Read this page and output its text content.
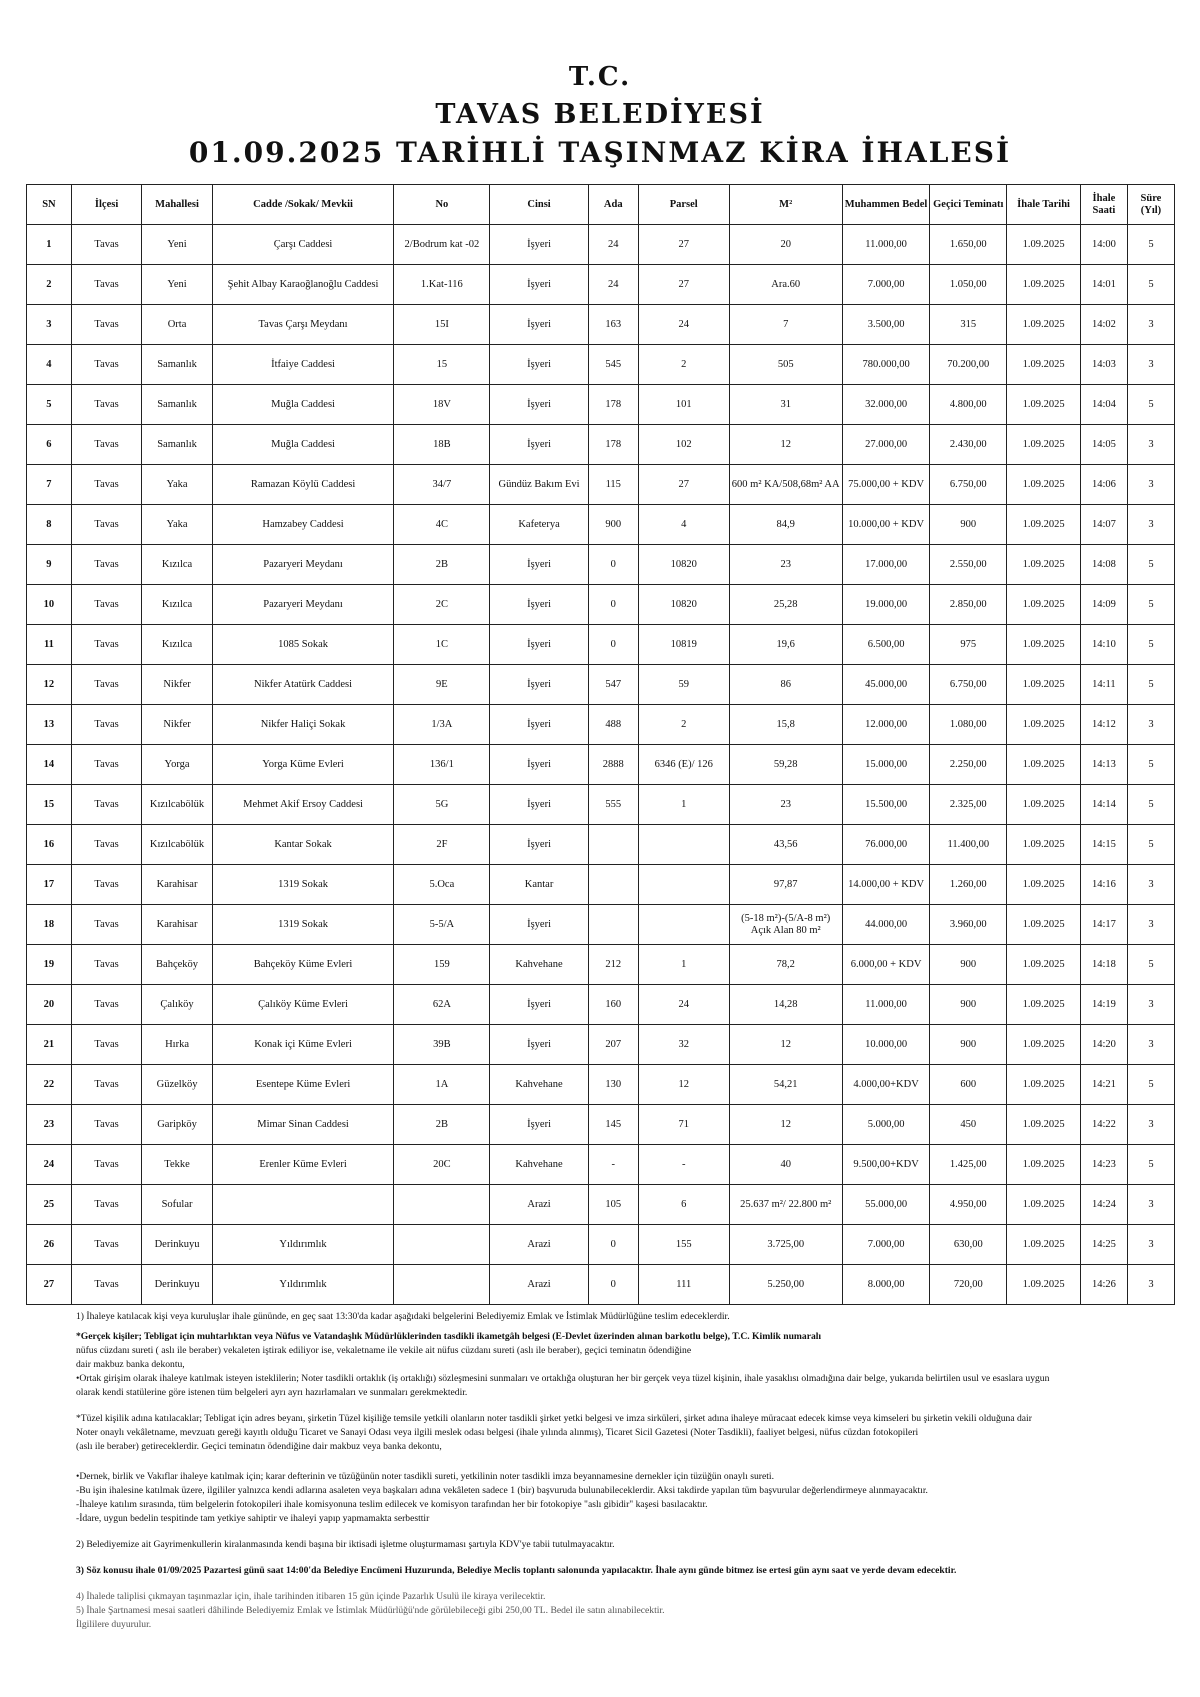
T.C.
TAVAS BELEDİYESİ
01.09.2025 TARİHLİ TAŞINMAZ KİRA İHALESİ
SN	İlçesi	Mahallesi	Cadde /Sokak/ Mevkii	No	Cinsi	Ada	Parsel	M²	Muhammen Bedel	Geçici Teminatı	İhale Tarihi	İhale Saati	Süre (Yıl)
1	Tavas	Yeni	Çarşı Caddesi	2/Bodrum kat -02	İşyeri	24	27	20	11.000,00	1.650,00	1.09.2025	14:00	5
2	Tavas	Yeni	Şehit Albay Karaoğlanoğlu Caddesi	1.Kat-116	İşyeri	24	27	Ara.60	7.000,00	1.050,00	1.09.2025	14:01	5
3	Tavas	Orta	Tavas Çarşı Meydanı	15I	İşyeri	163	24	7	3.500,00	315	1.09.2025	14:02	3
4	Tavas	Samanlık	İtfaiye Caddesi	15	İşyeri	545	2	505	780.000,00	70.200,00	1.09.2025	14:03	3
5	Tavas	Samanlık	Muğla Caddesi	18V	İşyeri	178	101	31	32.000,00	4.800,00	1.09.2025	14:04	5
6	Tavas	Samanlık	Muğla Caddesi	18B	İşyeri	178	102	12	27.000,00	2.430,00	1.09.2025	14:05	3
7	Tavas	Yaka	Ramazan Köylü Caddesi	34/7	Gündüz Bakım Evi	115	27	600 m² KA/508,68m² AA	75.000,00 + KDV	6.750,00	1.09.2025	14:06	3
8	Tavas	Yaka	Hamzabey Caddesi	4C	Kafeterya	900	4	84,9	10.000,00 + KDV	900	1.09.2025	14:07	3
9	Tavas	Kızılca	Pazaryeri Meydanı	2B	İşyeri	0	10820	23	17.000,00	2.550,00	1.09.2025	14:08	5
10	Tavas	Kızılca	Pazaryeri Meydanı	2C	İşyeri	0	10820	25,28	19.000,00	2.850,00	1.09.2025	14:09	5
11	Tavas	Kızılca	1085 Sokak	1C	İşyeri	0	10819	19,6	6.500,00	975	1.09.2025	14:10	5
12	Tavas	Nikfer	Nikfer Atatürk Caddesi	9E	İşyeri	547	59	86	45.000,00	6.750,00	1.09.2025	14:11	5
13	Tavas	Nikfer	Nikfer Haliçi Sokak	1/3A	İşyeri	488	2	15,8	12.000,00	1.080,00	1.09.2025	14:12	3
14	Tavas	Yorga	Yorga Küme Evleri	136/1	İşyeri	2888	6346 (E)/ 126	59,28	15.000,00	2.250,00	1.09.2025	14:13	5
15	Tavas	Kızılcabölük	Mehmet Akif Ersoy Caddesi	5G	İşyeri	555	1	23	15.500,00	2.325,00	1.09.2025	14:14	5
16	Tavas	Kızılcabölük	Kantar Sokak	2F	İşyeri			43,56	76.000,00	11.400,00	1.09.2025	14:15	5
17	Tavas	Karahisar	1319 Sokak	5.Oca	Kantar			97,87	14.000,00 + KDV	1.260,00	1.09.2025	14:16	3
18	Tavas	Karahisar	1319 Sokak	5-5/A	İşyeri			(5-18 m²)-(5/A-8 m²) Açık Alan 80 m²	44.000,00	3.960,00	1.09.2025	14:17	3
19	Tavas	Bahçeköy	Bahçeköy Küme Evleri	159	Kahvehane	212	1	78,2	6.000,00 + KDV	900	1.09.2025	14:18	5
20	Tavas	Çalıköy	Çalıköy Küme Evleri	62A	İşyeri	160	24	14,28	11.000,00	900	1.09.2025	14:19	3
21	Tavas	Hırka	Konak içi Küme Evleri	39B	İşyeri	207	32	12	10.000,00	900	1.09.2025	14:20	3
22	Tavas	Güzelköy	Esentepe Küme Evleri	1A	Kahvehane	130	12	54,21	4.000,00+KDV	600	1.09.2025	14:21	5
23	Tavas	Garipköy	Mimar Sinan Caddesi	2B	İşyeri	145	71	12	5.000,00	450	1.09.2025	14:22	3
24	Tavas	Tekke	Erenler Küme Evleri	20C	Kahvehane	-	-	40	9.500,00+KDV	1.425,00	1.09.2025	14:23	5
25	Tavas	Sofular			Arazi	105	6	25.637 m²/ 22.800 m²	55.000,00	4.950,00	1.09.2025	14:24	3
26	Tavas	Derinkuyu	Yıldırımlık		Arazi	0	155	3.725,00	7.000,00	630,00	1.09.2025	14:25	3
27	Tavas	Derinkuyu	Yıldırımlık		Arazi	0	111	5.250,00	8.000,00	720,00	1.09.2025	14:26	3

1) İhaleye katılacak kişi veya kuruluşlar ihale gününde, en geç saat 13:30'da kadar aşağıdaki belgelerini Belediyemiz Emlak ve İstimlak Müdürlüğüne teslim edeceklerdir.

*Gerçek kişiler; Tebligat için muhtarlıktan veya Nüfus ve Vatandaşlık Müdürlüklerinden tasdikli ikametgâh belgesi (E-Devlet üzerinden alınan barkotlu belge), T.C. Kimlik numaralı

nüfus cüzdanı sureti ( aslı ile beraber) vekaleten iştirak ediliyor ise, vekaletname ile vekile ait nüfus cüzdanı sureti (aslı ile beraber), geçici teminatın ödendiğine

dair makbuz banka dekontu,

•Ortak girişim olarak ihaleye katılmak isteyen isteklilerin; Noter tasdikli ortaklık (iş ortaklığı) sözleşmesini sunmaları ve ortaklığa oluşturan her bir gerçek veya tüzel kişinin, ihale yasaklısı olmadığına dair belge, yukarıda belirtilen usul ve esaslara uygun

olarak kendi statülerine göre istenen tüm belgeleri ayrı ayrı hazırlamaları ve sunmaları gerekmektedir.

*Tüzel kişilik adına katılacaklar; Tebligat için adres beyanı, şirketin Tüzel kişiliğe temsile yetkili olanların noter tasdikli şirket yetki belgesi ve imza sirküleri, şirket adına ihaleye müracaat edecek kimse veya kimseleri bu şirketin vekili olduğuna dair

Noter onaylı vekâletname, mevzuatı gereği kayıtlı olduğu Ticaret ve Sanayi Odası veya ilgili meslek odası belgesi (ihale yılında alınmış), Ticaret Sicil Gazetesi (Noter Tasdikli), faaliyet belgesi, nüfus cüzdan fotokopileri

(aslı ile beraber) getireceklerdir. Geçici teminatın ödendiğine dair makbuz veya banka dekontu,

•Dernek, birlik ve Vakıflar ihaleye katılmak için; karar defterinin ve tüzüğünün noter tasdikli sureti, yetkilinin noter tasdikli imza beyannamesine dernekler için tüzüğün onaylı sureti.

-Bu işin ihalesine katılmak üzere, ilgililer yalnızca kendi adlarına asaleten veya başkaları adına vekâleten sadece 1 (bir) başvuruda bulunabileceklerdir. Aksi takdirde yapılan tüm başvurular değerlendirmeye alınmayacaktır.

-İhaleye katılım sırasında, tüm belgelerin fotokopileri ihale komisyonuna teslim edilecek ve komisyon tarafından her bir fotokopiye "aslı gibidir" kaşesi basılacaktır.

-İdare, uygun bedelin tespitinde tam yetkiye sahiptir ve ihaleyi yapıp yapmamakta serbesttir

2) Belediyemize ait Gayrimenkullerin kiralanmasında kendi başına bir iktisadi işletme oluşturmaması şartıyla KDV'ye tabii tutulmayacaktır.

3) Söz konusu ihale 01/09/2025 Pazartesi günü saat 14:00'da Belediye Encümeni Huzurunda, Belediye Meclis toplantı salonunda yapılacaktır. İhale aynı günde bitmez ise ertesi gün aynı saat ve yerde devam edecektir.

4) İhalede taliplisi çıkmayan taşınmazlar için, ihale tarihinden itibaren 15 gün içinde Pazarlık Usulü ile kiraya verilecektir.

5) İhale Şartnamesi mesai saatleri dâhilinde Belediyemiz Emlak ve İstimlak Müdürlüğü'nde görülebileceği gibi 250,00 TL. Bedel ile satın alınabilecektir.

İlgililere duyurulur.
